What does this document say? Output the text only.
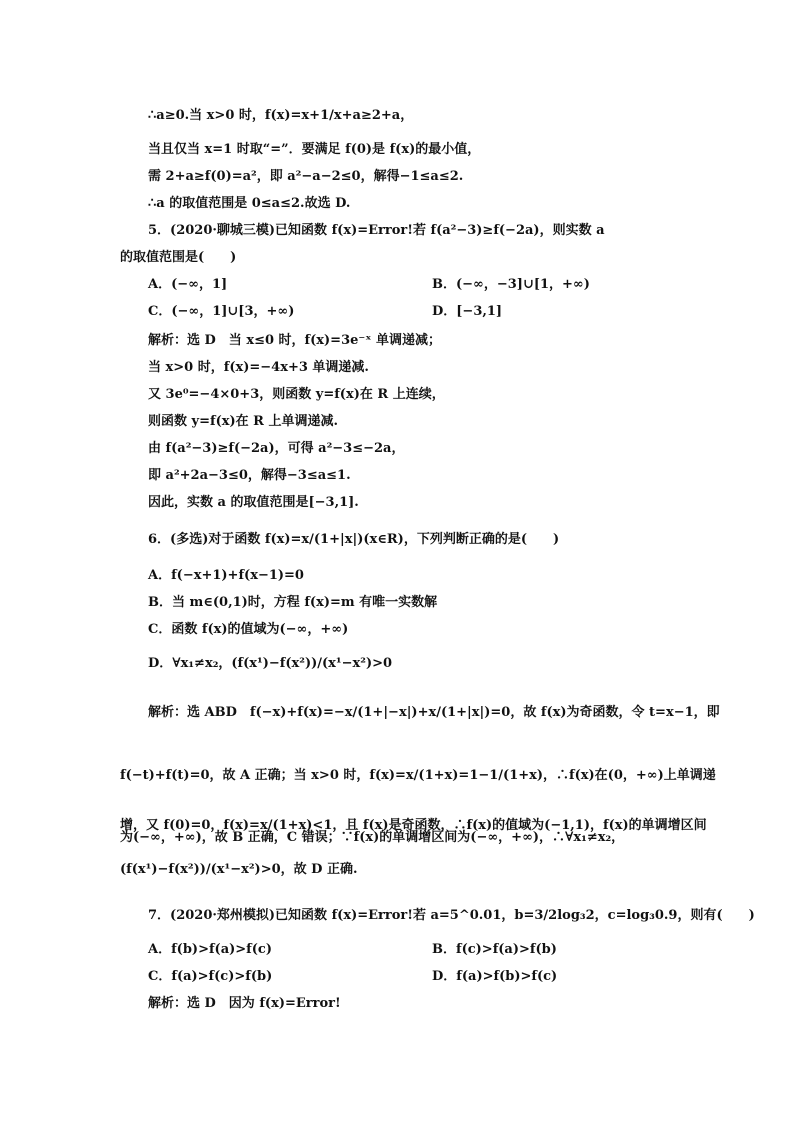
∴a≥0.当 x>0 时，f(x)=x+1/x+a≥2+a，
当且仅当 x=1 时取“=”．要满足 f(0)是 f(x)的最小值，
需 2+a≥f(0)=a²，即 a²−a−2≤0，解得−1≤a≤2.
∴a 的取值范围是 0≤a≤2.故选 D.
5．(2020·聊城三模)已知函数 f(x)=Error!若 f(a²−3)≥f(−2a)，则实数 a
的取值范围是(　　)
A．(−∞，1]	B．(−∞，−3]∪[1，+∞)
C．(−∞，1]∪[3，+∞)	D．[−3,1]
解析：选 D　当 x≤0 时，f(x)=3e⁻ˣ 单调递减；
当 x>0 时，f(x)=−4x+3 单调递减.
又 3e⁰=−4×0+3，则函数 y=f(x)在 R 上连续，
则函数 y=f(x)在 R 上单调递减.
由 f(a²−3)≥f(−2a)，可得 a²−3≤−2a，
即 a²+2a−3≤0，解得−3≤a≤1.
因此，实数 a 的取值范围是[−3,1].
6．(多选)对于函数 f(x)=x/(1+|x|)(x∈R)，下列判断正确的是(　　)
A．f(−x+1)+f(x−1)=0
B．当 m∈(0,1)时，方程 f(x)=m 有唯一实数解
C．函数 f(x)的值域为(−∞，+∞)
D．∀x₁≠x₂，(f(x¹)−f(x²))/(x¹−x²)>0
解析：选 ABD　f(−x)+f(x)=−x/(1+|−x|)+x/(1+|x|)=0，故 f(x)为奇函数，令 t=x−1，即
f(−t)+f(t)=0，故 A 正确；当 x>0 时，f(x)=x/(1+x)=1−1/(1+x)，∴f(x)在(0，+∞)上单调递
增，又 f(0)=0，f(x)=x/(1+x)<1，且 f(x)是奇函数，∴f(x)的值域为(−1,1)，f(x)的单调增区间
为(−∞，+∞)，故 B 正确，C 错误；∵f(x)的单调增区间为(−∞，+∞)，∴∀x₁≠x₂，
(f(x¹)−f(x²))/(x¹−x²)>0，故 D 正确.
7．(2020·郑州模拟)已知函数 f(x)=Error!若 a=5^0.01，b=3/2log₃2，c=log₃0.9，则有(　　)
A．f(b)>f(a)>f(c)	B．f(c)>f(a)>f(b)
C．f(a)>f(c)>f(b)	D．f(a)>f(b)>f(c)
解析：选 D　因为 f(x)=Error!
